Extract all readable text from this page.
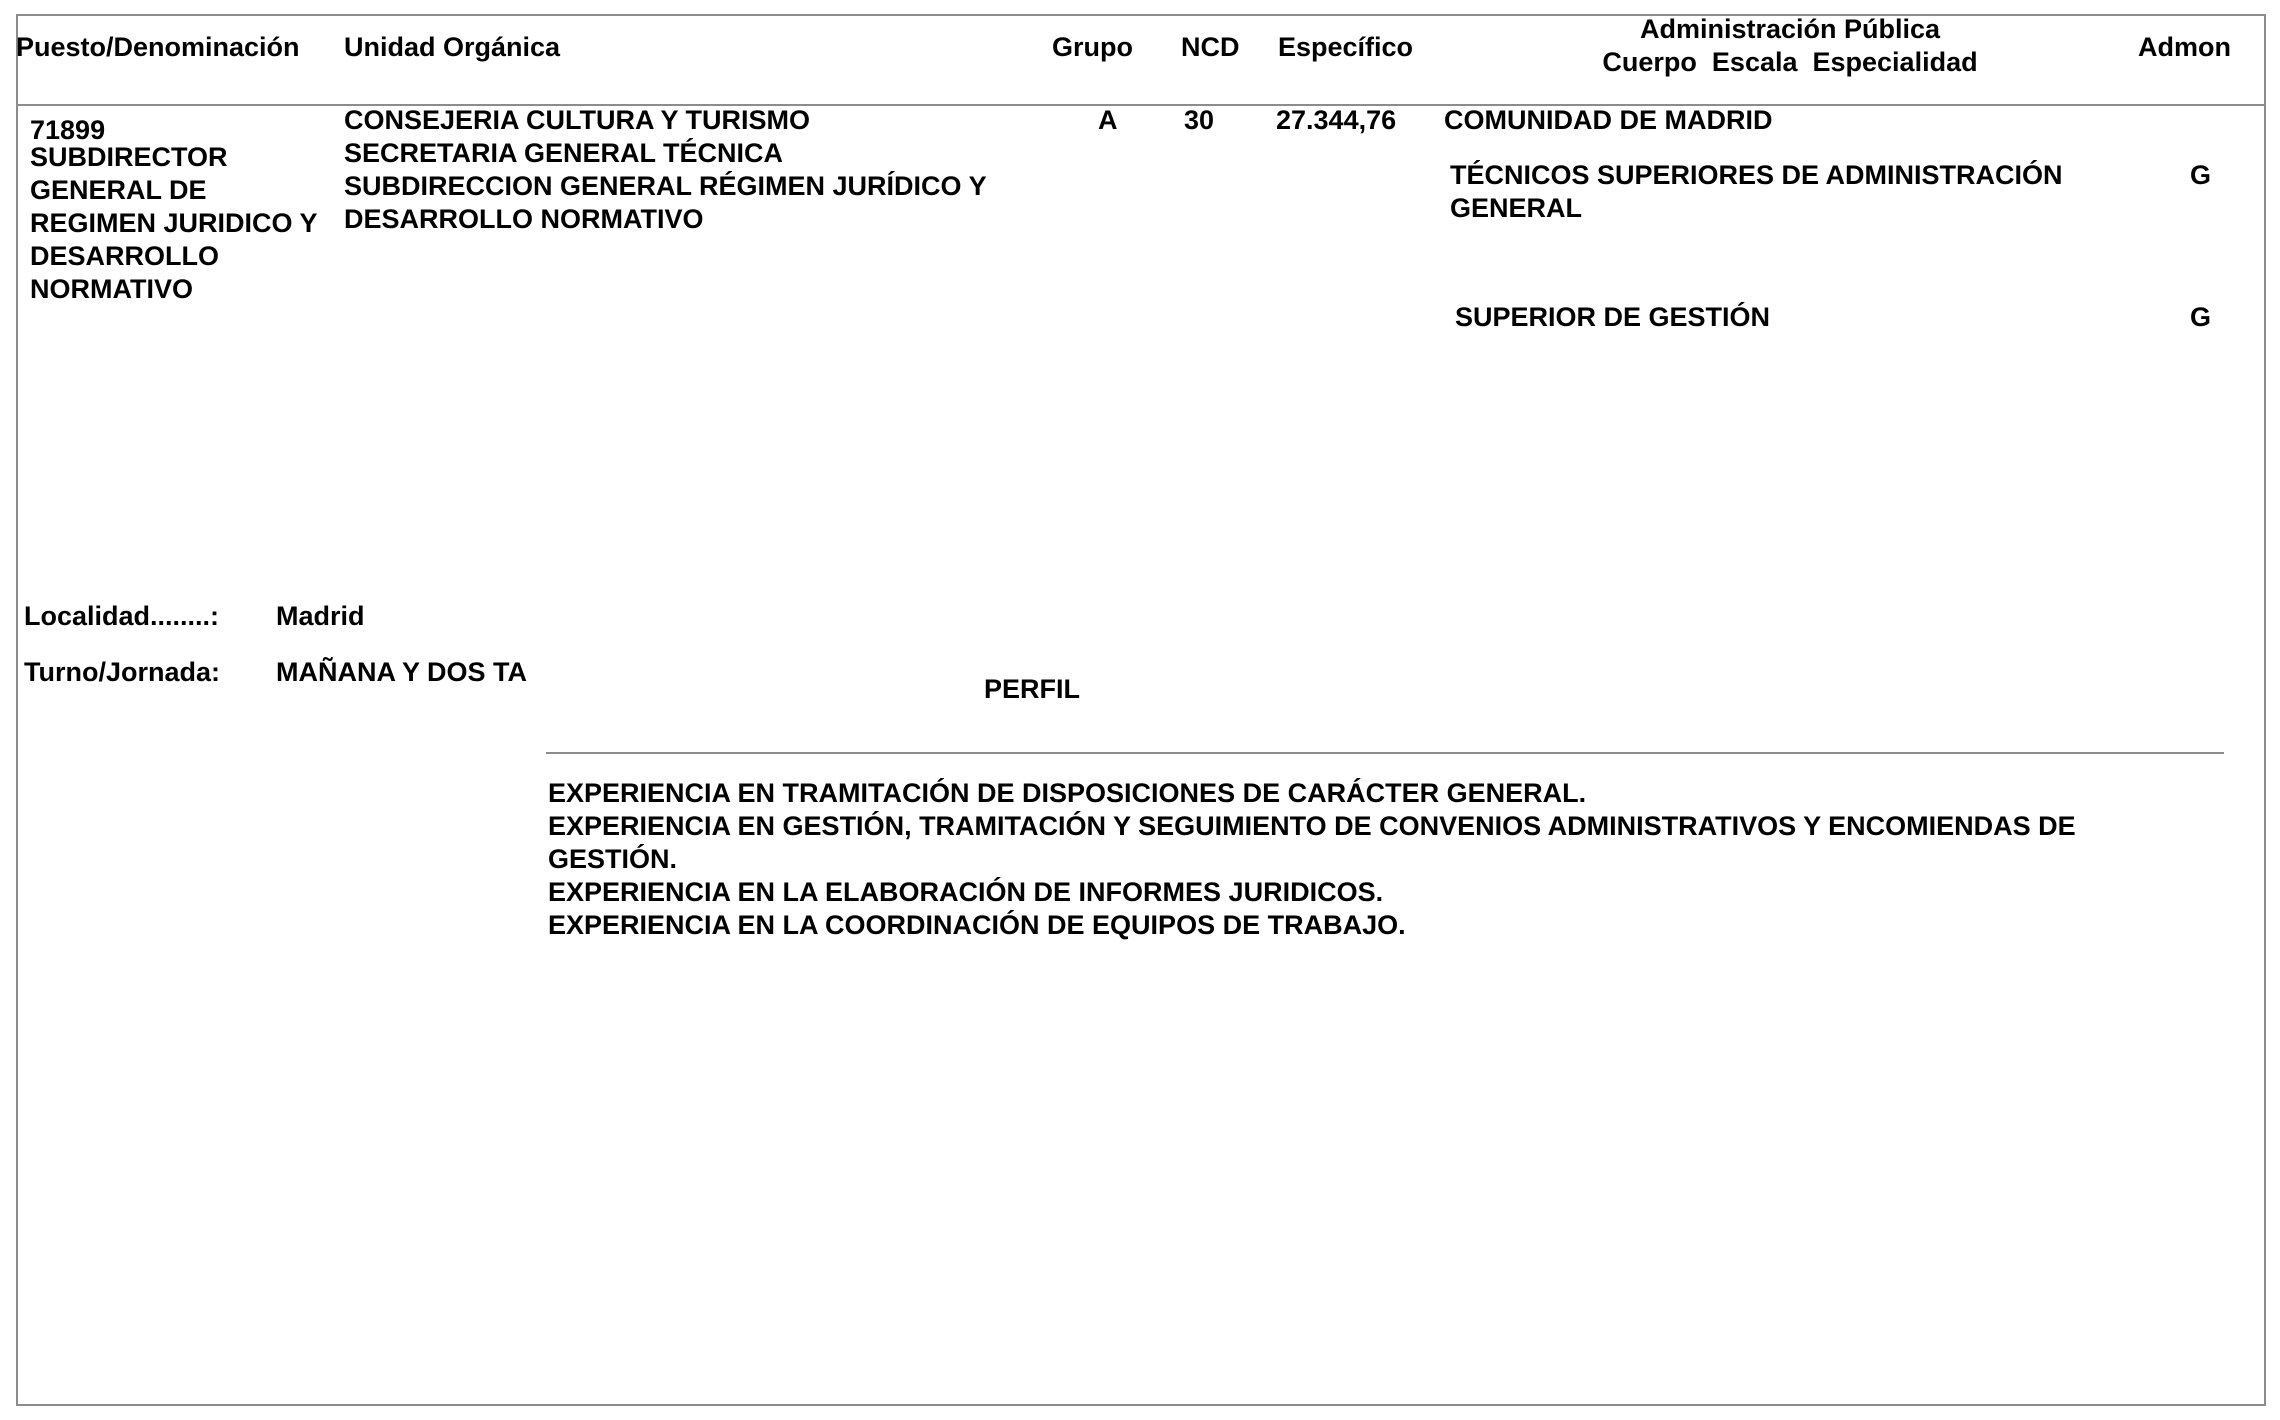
Puesto/Denominación Unidad Orgánica	Grupo NCD Específico
Administración Pública
Cuerpo  Escala  Especialidad	Admon
71899
SUBDIRECTOR
GENERAL DE
REGIMEN JURIDICO Y
DESARROLLO
NORMATIVO
CONSEJERIA CULTURA Y TURISMO
SECRETARIA GENERAL TÉCNICA
SUBDIRECCION GENERAL RÉGIMEN JURÍDICO Y
DESARROLLO NORMATIVO
A 30 27.344,76 COMUNIDAD DE MADRID
TÉCNICOS SUPERIORES DE ADMINISTRACIÓN
GENERAL
G
SUPERIOR DE GESTIÓN	G
Localidad........: Madrid
Turno/Jornada: MAÑANA Y DOS TA
PERFIL
EXPERIENCIA EN TRAMITACIÓN DE DISPOSICIONES DE CARÁCTER GENERAL.
EXPERIENCIA EN GESTIÓN, TRAMITACIÓN Y SEGUIMIENTO DE CONVENIOS ADMINISTRATIVOS Y ENCOMIENDAS DE
GESTIÓN.
EXPERIENCIA EN LA ELABORACIÓN DE INFORMES JURIDICOS.
EXPERIENCIA EN LA COORDINACIÓN DE EQUIPOS DE TRABAJO.
